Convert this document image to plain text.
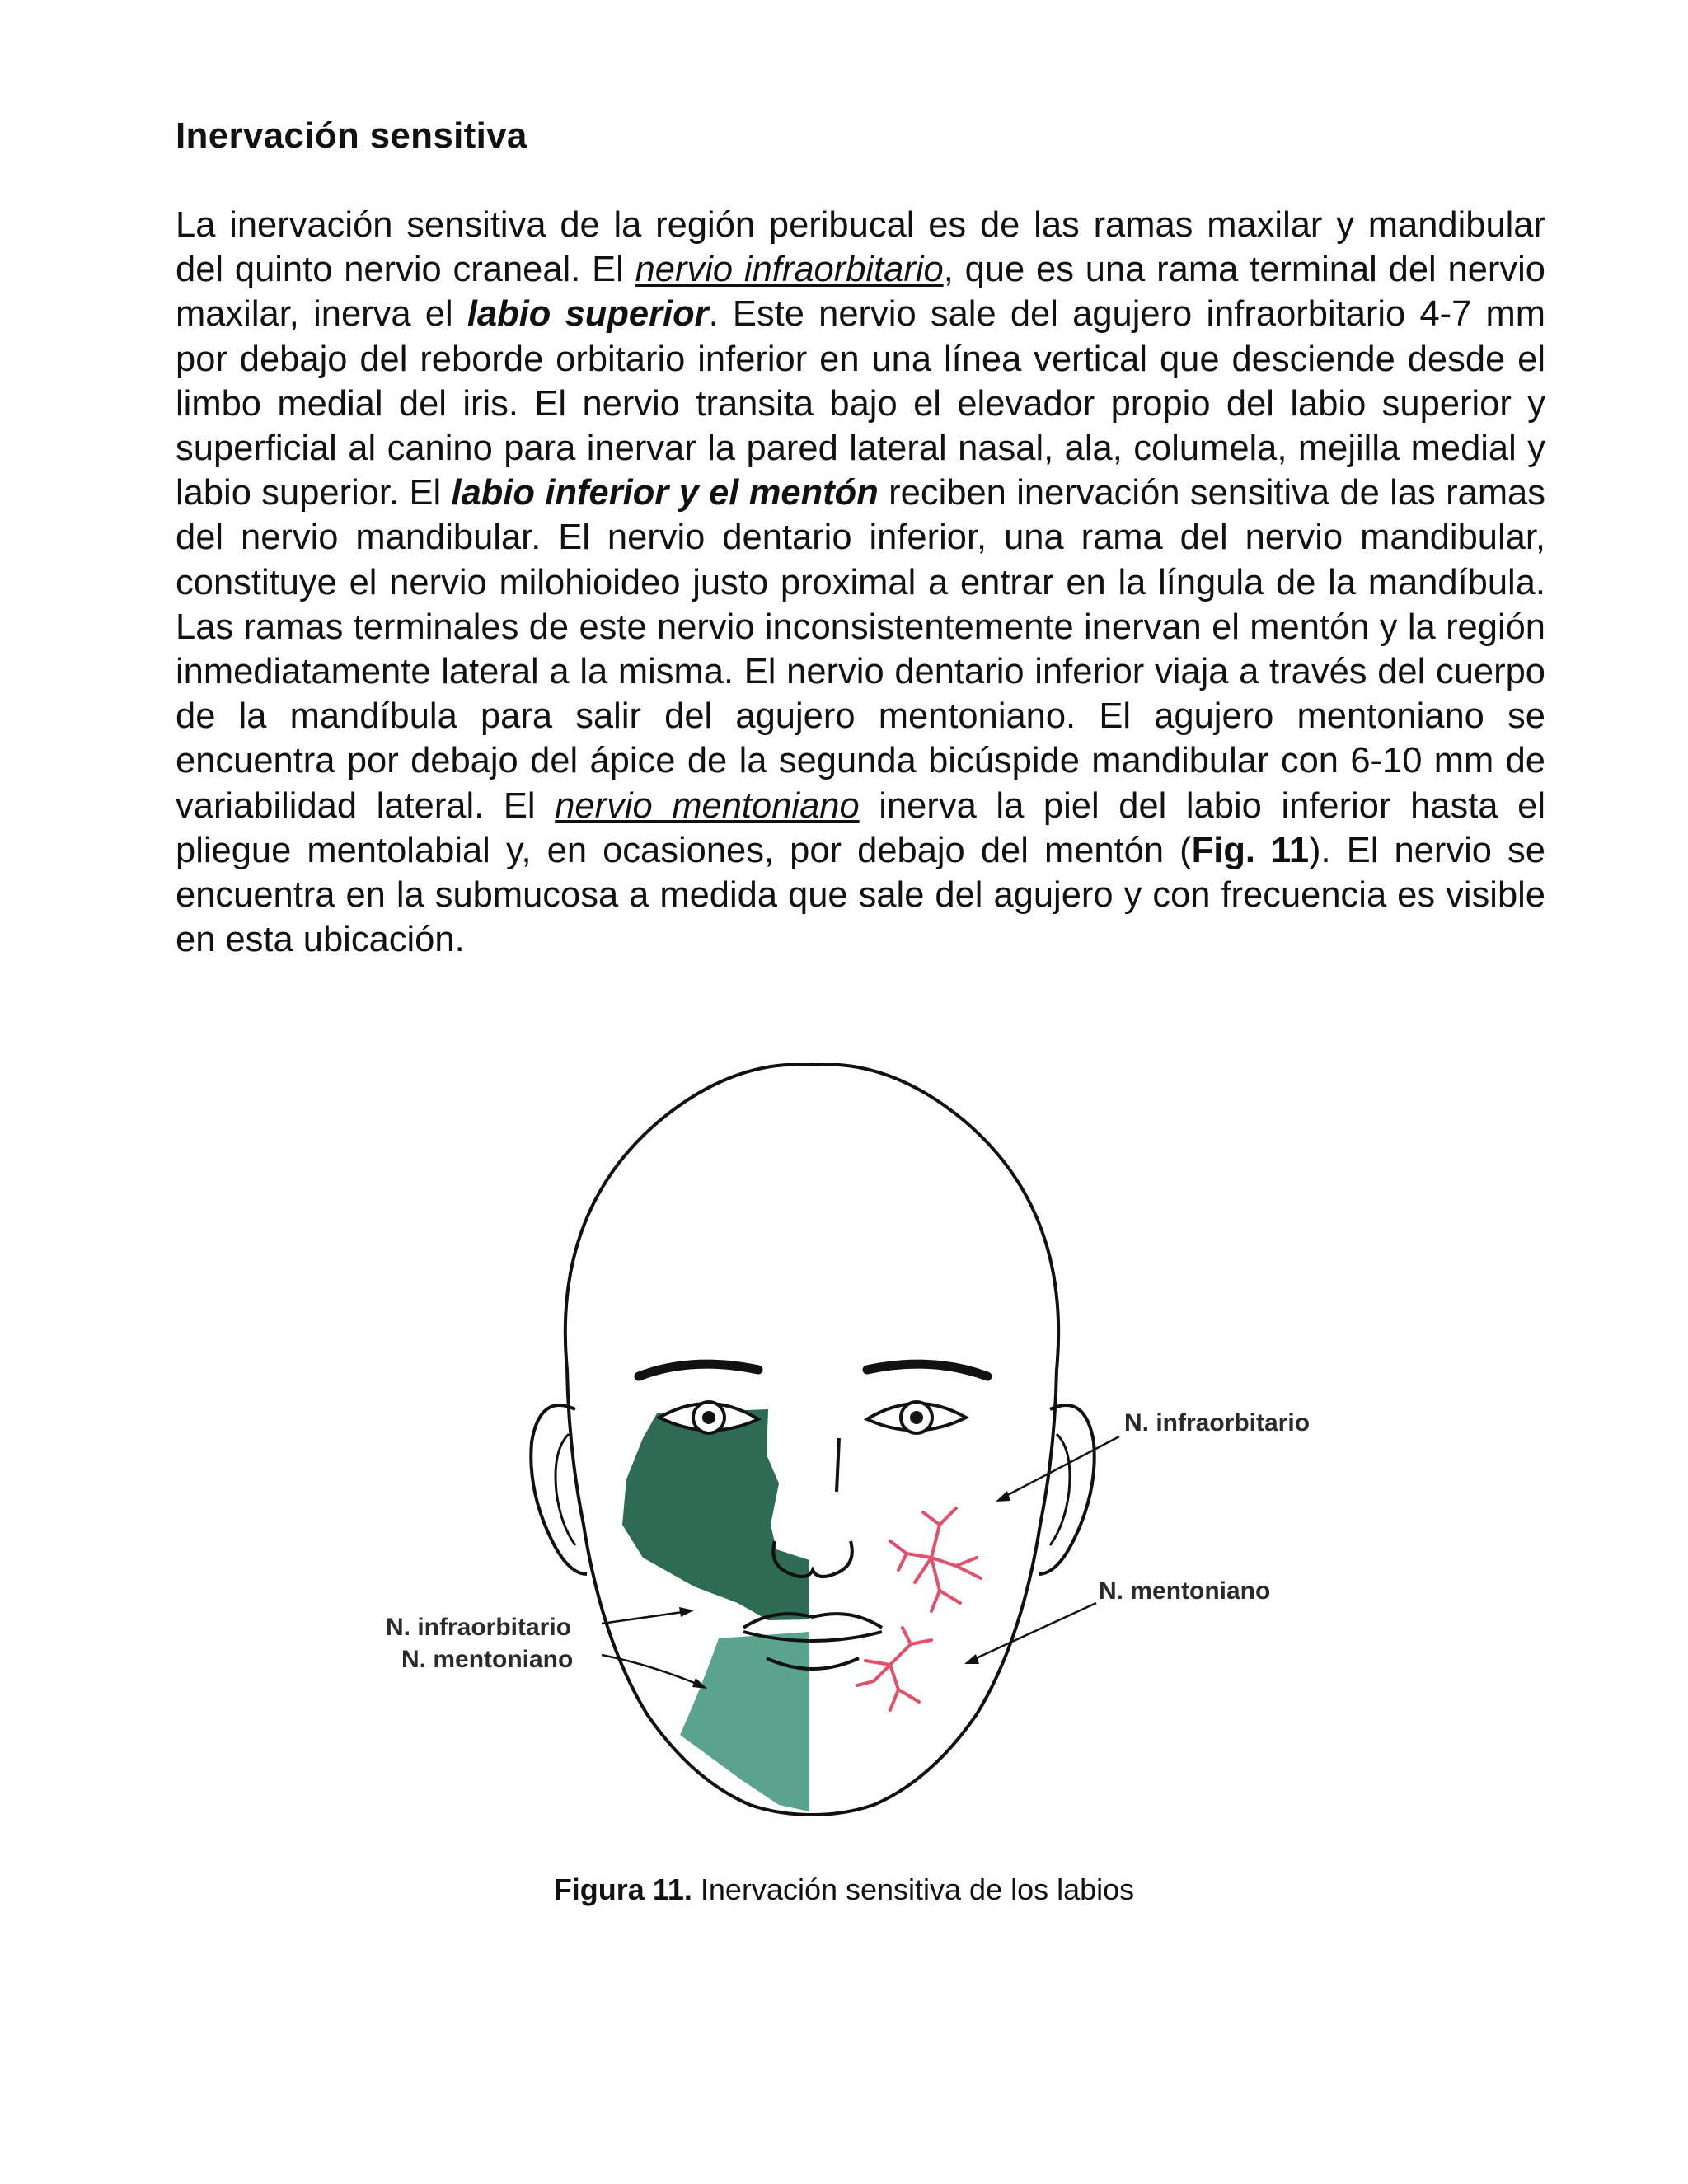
Inervación sensitiva

La inervación sensitiva de la región peribucal es de las ramas maxilar y mandibular del quinto nervio craneal. El nervio infraorbitario, que es una rama terminal del nervio maxilar, inerva el labio superior. Este nervio sale del agujero infraorbitario 4-7 mm por debajo del reborde orbitario inferior en una línea vertical que desciende desde el limbo medial del iris. El nervio transita bajo el elevador propio del labio superior y superficial al canino para inervar la pared lateral nasal, ala, columela, mejilla medial y labio superior. El labio inferior y el mentón reciben inervación sensitiva de las ramas del nervio mandibular. El nervio dentario inferior, una rama del nervio mandibular, constituye el nervio milohioideo justo proximal a entrar en la língula de la mandíbula. Las ramas terminales de este nervio inconsistentemente inervan el mentón y la región inmediatamente lateral a la misma. El nervio dentario inferior viaja a través del cuerpo de la mandíbula para salir del agujero mentoniano. El agujero mentoniano se encuentra por debajo del ápice de la segunda bicúspide mandibular con 6-10 mm de variabilidad lateral. El nervio mentoniano inerva la piel del labio inferior hasta el pliegue mentolabial y, en ocasiones, por debajo del mentón (Fig. 11). El nervio se encuentra en la submucosa a medida que sale del agujero y con frecuencia es visible en esta ubicación.

N. infraorbitario
N. mentoniano
N. infraorbitario
N. mentoniano

Figura 11. Inervación sensitiva de los labios
